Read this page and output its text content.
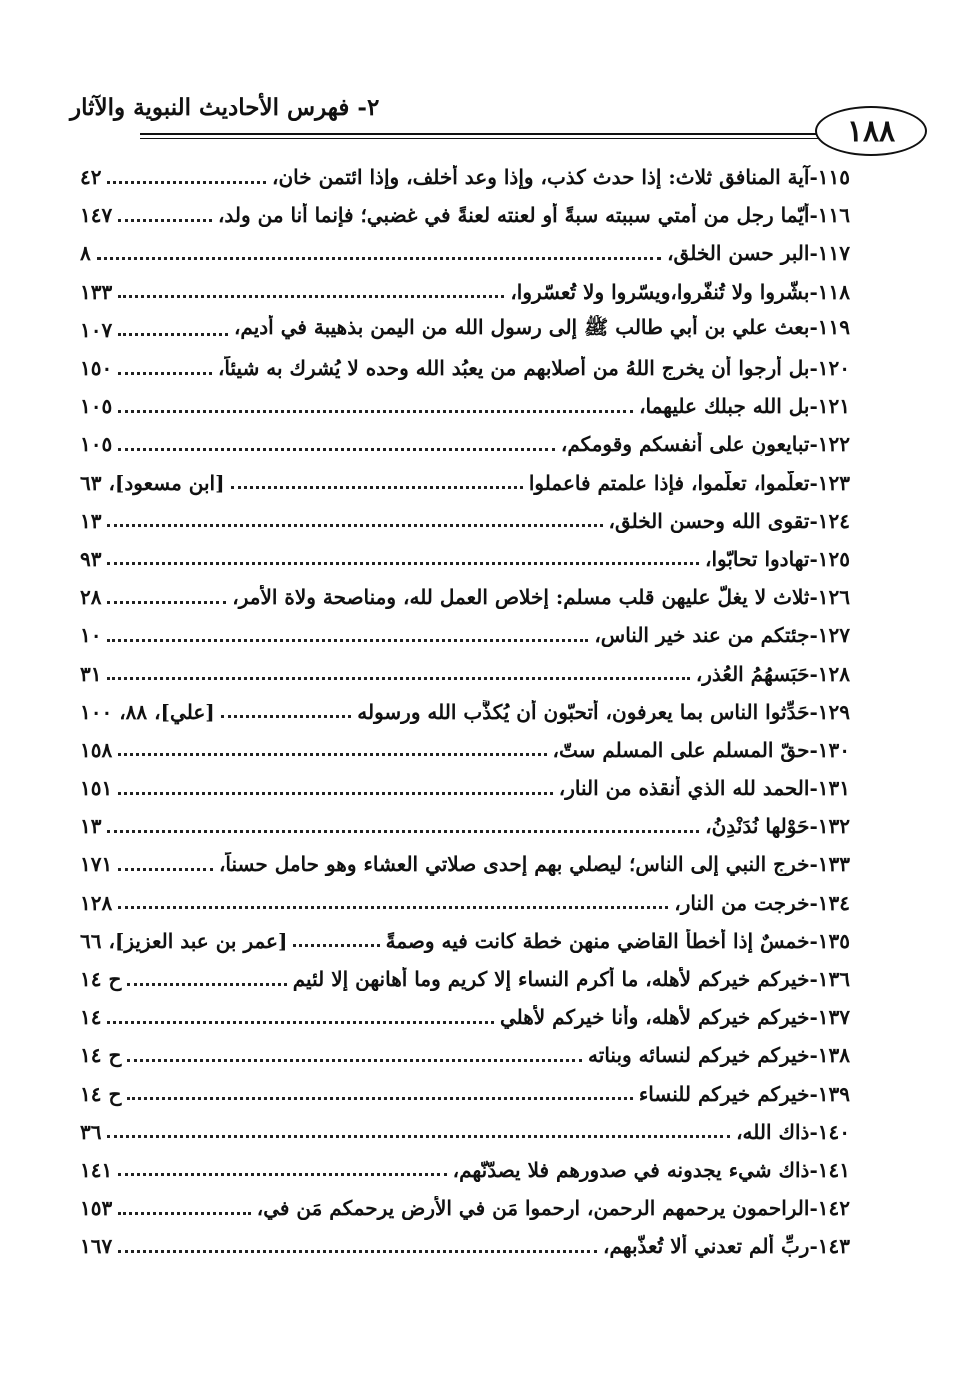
٢- فهرس الأحاديث النبوية والآثار
١٨٨
٤٢	١١٥-آية المنافق ثلاث: إذا حدث كذب، وإذا وعد أخلف، وإذا ائتمن خان،
١٤٧	١١٦-أيّما رجل من أمتي سببته سبةً أو لعنته لعنةً في غضبي؛ فإنما أنا من ولد،
٨	١١٧-البر حسن الخلق،
١٣٣	١١٨-بشّروا ولا تُنفّروا،ويسّروا ولا تُعسّروا،
١٠٧	١١٩-بعث علي بن أبي طالب ﷺ إلى رسول الله من اليمن بذهيبة في أديم،
١٥٠	١٢٠-بل أرجوا أن يخرج اللهُ من أصلابهم من يعبُد الله وحده لا يُشرك به شيئاً،
١٠٥	١٢١-بل الله جبلك عليهما،
١٠٥	١٢٢-تبايعونِ على أنفسكم وقومكم،
[ابن مسعود]، ٦٣	١٢٣-تعلّموا، تعلّموا، فإذا علمتم فاعملوا
١٣	١٢٤-تقوى الله وحسن الخلق،
٩٣	١٢٥-تهادوا تحابّوا،
٢٨	١٢٦-ثلاث لا يغلّ عليهن قلب مسلم: إخلاص العمل لله، ومناصحة ولاة الأمر،
١٠	١٢٧-جئتكم من عند خير الناس،
٣١	١٢٨-حَبَسهُمُ العُذر،
[علي]، ٨٨، ١٠٠	١٢٩-حَدِّثوا الناس بما يعرفون، أتحبّون أن يُكذَّب الله ورسوله
١٥٨	١٣٠-حقّ المسلم على المسلم ستّ،
١٥١	١٣١-الحمد لله الذي أنقذه من النار،
١٣	١٣٢-حَوْلها نُدَنْدِنُ،
١٧١	١٣٣-خرج النبي إلى الناس؛ ليصلي بهم إحدى صلاتي العشاء وهو حامل حسناً،
١٢٨	١٣٤-خرجت من النار،
[عمر بن عبد العزيز]، ٦٦	١٣٥-خمسٌ إذا أخطأ القاضي منهن خطة كانت فيه وصمةً
ح ١٤	١٣٦-خيركم خيركم لأهله، ما أكرم النساء إلا كريم وما أهانهن إلا لئيم
١٤	١٣٧-خيركم خيركم لأهله، وأنا خيركم لأهلي
ح ١٤	١٣٨-خيركم خيركم لنسائه وبناته
ح ١٤	١٣٩-خيركم خيركم للنساء
٣٦	١٤٠-ذاك الله،
١٤١	١٤١-ذاك شيء يجدونه في صدورهم فلا يصدّنّهم،
١٥٣	١٤٢-الراحمون يرحمهم الرحمن، ارحموا مَن في الأرض يرحمكم مَن في،
١٦٧	١٤٣-ربِّ ألم تعدني ألا تُعذّبهم،
